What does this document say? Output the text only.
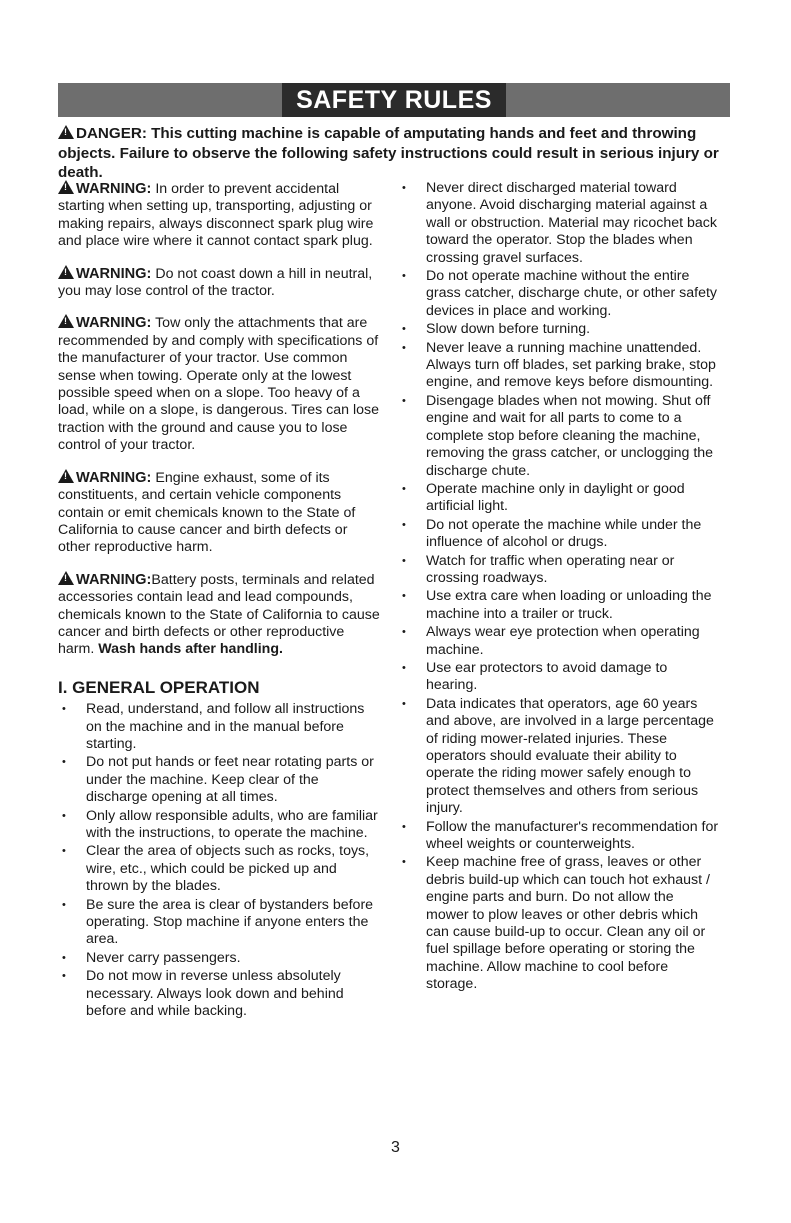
SAFETY RULES

!DANGER: This cutting machine is capable of amputating hands and feet and throwing objects. Failure to observe the following safety instructions could result in serious injury or death.

!WARNING: In order to prevent accidental starting when setting up, transporting, adjusting or making repairs, always disconnect spark plug wire and place wire where it cannot contact spark plug.

!WARNING: Do not coast down a hill in neutral, you may lose control of the tractor.

!WARNING: Tow only the attachments that are recommended by and comply with specifications of the manufacturer of your tractor. Use common sense when towing. Operate only at the lowest possible speed when on a slope. Too heavy of a load, while on a slope, is dangerous. Tires can lose traction with the ground and cause you to lose control of your tractor.

!WARNING: Engine exhaust, some of its constituents, and certain vehicle components contain or emit chemicals known to the State of California to cause cancer and birth defects or other reproductive harm.

!WARNING:Battery posts, terminals and related accessories contain lead and lead compounds, chemicals known to the State of California to cause cancer and birth defects or other reproductive harm. Wash hands after handling.

I. GENERAL OPERATION
• Read, understand, and follow all instructions on the machine and in the manual before starting.
• Do not put hands or feet near rotating parts or under the machine. Keep clear of the discharge opening at all times.
• Only allow responsible adults, who are familiar with the instructions, to operate the machine.
• Clear the area of objects such as rocks, toys, wire, etc., which could be picked up and thrown by the blades.
• Be sure the area is clear of bystanders before operating. Stop machine if anyone enters the area.
• Never carry passengers.
• Do not mow in reverse unless absolutely necessary. Always look down and behind before and while backing.
• Never direct discharged material toward anyone. Avoid discharging material against a wall or obstruction. Material may ricochet back toward the operator. Stop the blades when crossing gravel surfaces.
• Do not operate machine without the entire grass catcher, discharge chute, or other safety devices in place and working.
• Slow down before turning.
• Never leave a running machine unattended. Always turn off blades, set parking brake, stop engine, and remove keys before dismounting.
• Disengage blades when not mowing. Shut off engine and wait for all parts to come to a complete stop before cleaning the machine, removing the grass catcher, or unclogging the discharge chute.
• Operate machine only in daylight or good artificial light.
• Do not operate the machine while under the influence of alcohol or drugs.
• Watch for traffic when operating near or crossing roadways.
• Use extra care when loading or unloading the machine into a trailer or truck.
• Always wear eye protection when operating machine.
• Use ear protectors to avoid damage to hearing.
• Data indicates that operators, age 60 years and above, are involved in a large percentage of riding mower-related injuries. These operators should evaluate their ability to operate the riding mower safely enough to protect themselves and others from serious injury.
• Follow the manufacturer's recommendation for wheel weights or counterweights.
• Keep machine free of grass, leaves or other debris build-up which can touch hot exhaust / engine parts and burn. Do not allow the mower to plow leaves or other debris which can cause build-up to occur. Clean any oil or fuel spillage before operating or storing the machine. Allow machine to cool before storage.
3
